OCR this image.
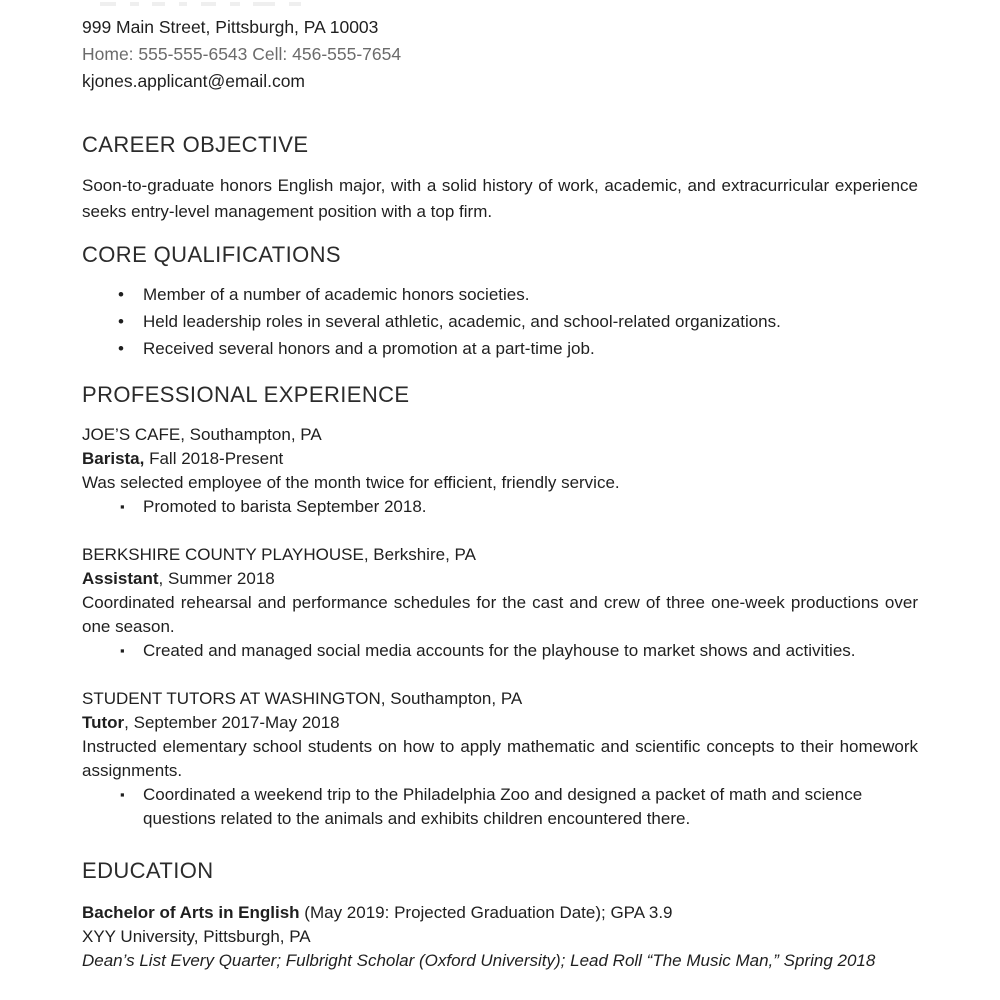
999 Main Street, Pittsburgh, PA 10003
Home: 555-555-6543 Cell: 456-555-7654
kjones.applicant@email.com
CAREER OBJECTIVE

Soon-to-graduate honors English major, with a solid history of work, academic, and extracurricular experience seeks entry-level management position with a top firm.

CORE QUALIFICATIONS
• Member of a number of academic honors societies.
• Held leadership roles in several athletic, academic, and school-related organizations.
• Received several honors and a promotion at a part-time job.
PROFESSIONAL EXPERIENCE
JOE’S CAFE, Southampton, PA
Barista, Fall 2018-Present
Was selected employee of the month twice for efficient, friendly service.
▪ Promoted to barista September 2018.
BERKSHIRE COUNTY PLAYHOUSE, Berkshire, PA
Assistant, Summer 2018
Coordinated rehearsal and performance schedules for the cast and crew of three one-week productions over one season.
▪ Created and managed social media accounts for the playhouse to market shows and activities.
STUDENT TUTORS AT WASHINGTON, Southampton, PA
Tutor, September 2017-May 2018
Instructed elementary school students on how to apply mathematic and scientific concepts to their homework assignments.
▪ Coordinated a weekend trip to the Philadelphia Zoo and designed a packet of math and science questions related to the animals and exhibits children encountered there.
EDUCATION
Bachelor of Arts in English (May 2019: Projected Graduation Date); GPA 3.9
XYY University, Pittsburgh, PA
Dean’s List Every Quarter; Fulbright Scholar (Oxford University); Lead Roll “The Music Man,” Spring 2018
